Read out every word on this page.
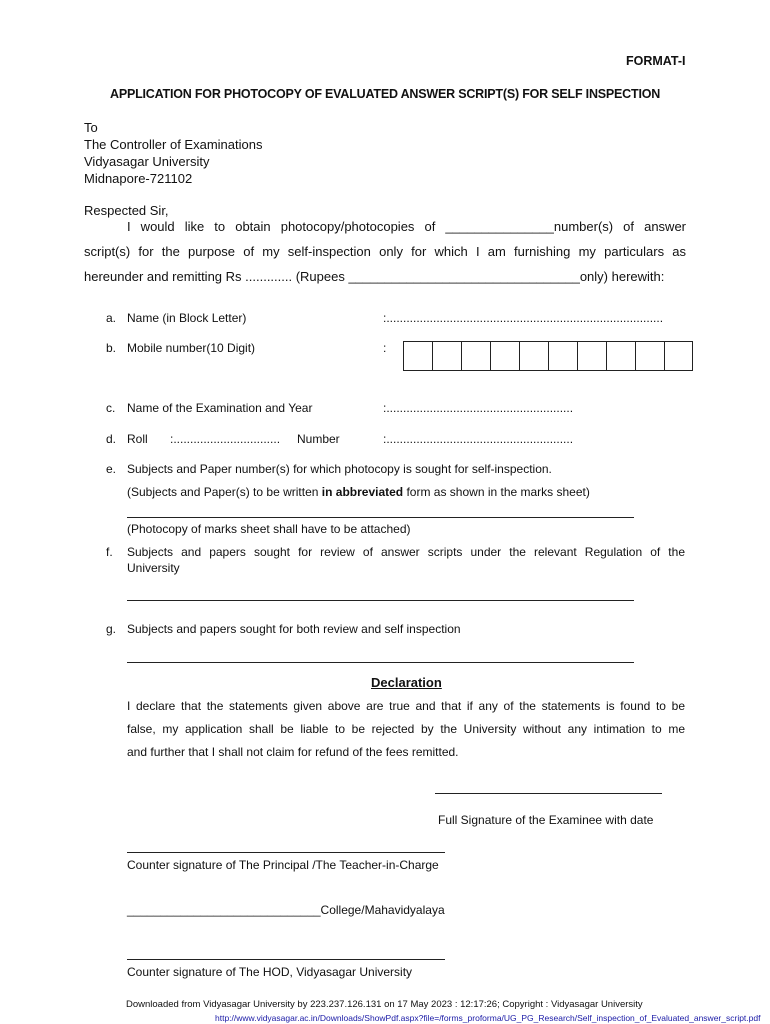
FORMAT-I
APPLICATION FOR PHOTOCOPY OF EVALUATED ANSWER SCRIPT(S) FOR SELF INSPECTION
To
The Controller of Examinations
Vidyasagar University
Midnapore-721102
Respected Sir,
I would like to obtain photocopy/photocopies of _______________number(s) of answer
script(s) for the purpose of my self-inspection only for which I am furnishing my particulars as
hereunder and remitting Rs ............. (Rupees ________________________________only) herewith:
a. Name (in Block Letter)	:...................................................................................
b. Mobile number(10 Digit)	:
c. Name of the Examination and Year	:........................................................
d. Roll :................................ Number	:........................................................
e. Subjects and Paper number(s) for which photocopy is sought for self-inspection.
(Subjects and Paper(s) to be written in abbreviated form as shown in the marks sheet)
(Photocopy of marks sheet shall have to be attached)
f. Subjects and papers sought for review of answer scripts under the relevant Regulation of the
University
g. Subjects and papers sought for both review and self inspection
Declaration
I declare that the statements given above are true and that if any of the statements is found to be
false, my application shall be liable to be rejected by the University without any intimation to me
and further that I shall not claim for refund of the fees remitted.
Full Signature of the Examinee with date
Counter signature of The Principal /The Teacher-in-Charge
_____________________________College/Mahavidyalaya
Counter signature of The HOD, Vidyasagar University
Downloaded from Vidyasagar University by 223.237.126.131 on 17 May 2023 : 12:17:26; Copyright : Vidyasagar University
http://www.vidyasagar.ac.in/Downloads/ShowPdf.aspx?file=/forms_proforma/UG_PG_Research/Self_inspection_of_Evaluated_answer_script.pdf
